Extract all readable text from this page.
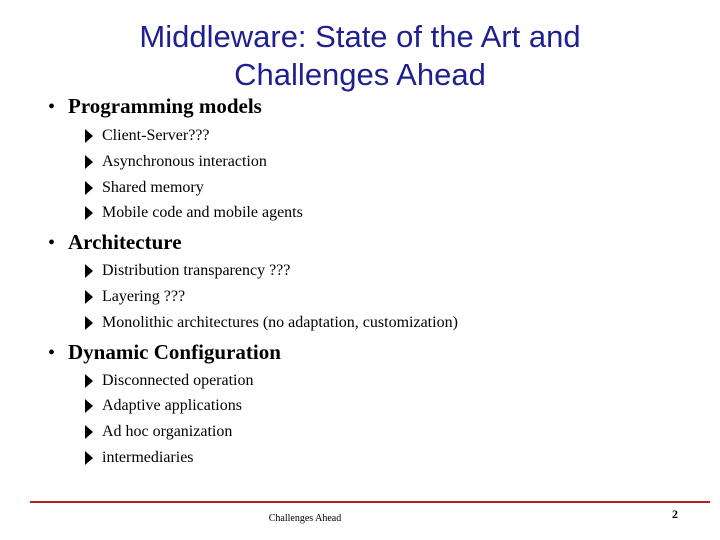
Middleware: State of the Art and
Challenges Ahead
• Programming models
Client-Server???
Asynchronous interaction
Shared memory
Mobile code and mobile agents
• Architecture
Distribution transparency ???
Layering ???
Monolithic architectures (no adaptation, customization)
• Dynamic Configuration
Disconnected operation
Adaptive applications
Ad hoc organization
intermediaries
Challenges Ahead	2
